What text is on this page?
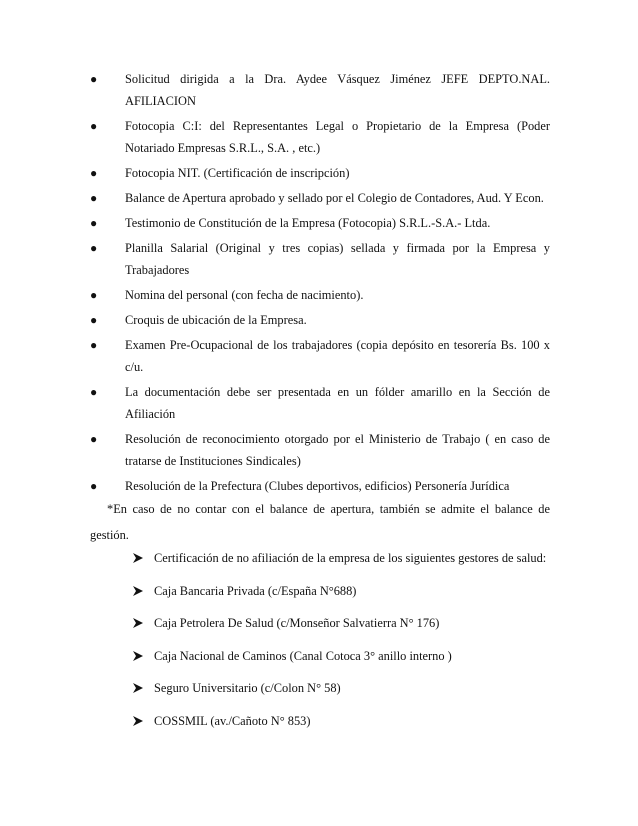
●	Solicitud dirigida a la Dra. Aydee Vásquez Jiménez JEFE DEPTO.NAL. AFILIACION
●	Fotocopia C:I: del Representantes Legal o Propietario de la Empresa (Poder Notariado Empresas S.R.L., S.A. , etc.)
●	Fotocopia NIT. (Certificación de inscripción)
●	Balance de Apertura aprobado y sellado por el Colegio de Contadores, Aud. Y Econ.
●	Testimonio de Constitución de la Empresa (Fotocopia) S.R.L.-S.A.- Ltda.
●	Planilla Salarial (Original y tres copias) sellada y firmada por la Empresa y Trabajadores
●	Nomina del personal (con fecha de nacimiento).
●	Croquis de ubicación de la Empresa.
●	Examen Pre-Ocupacional de los trabajadores (copia depósito en tesorería Bs. 100 x c/u.
●	La documentación debe ser presentada en un fólder amarillo en la Sección de Afiliación
●	Resolución de reconocimiento otorgado por el Ministerio de Trabajo ( en caso de tratarse de Instituciones Sindicales)
●	Resolución de la Prefectura (Clubes deportivos, edificios) Personería Jurídica

*En caso de no contar con el balance de apertura, también se admite el balance de gestión.

Certificación de no afiliación de la empresa de los siguientes gestores de salud:
Caja Bancaria Privada (c/España N°688)
Caja Petrolera De Salud (c/Monseñor Salvatierra N° 176)
Caja Nacional de Caminos (Canal Cotoca 3° anillo interno )
Seguro Universitario (c/Colon N° 58)
COSSMIL (av./Cañoto N° 853)
